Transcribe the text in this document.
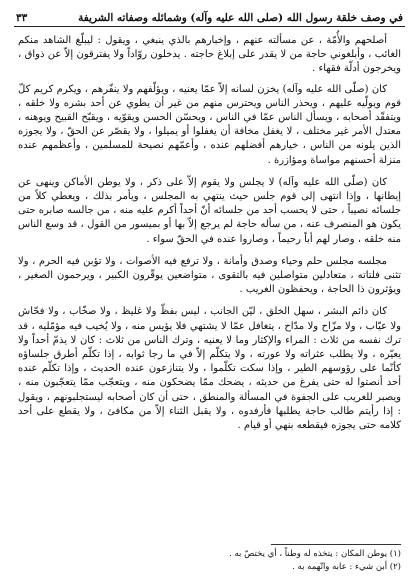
في وصف خلقة رسول الله (صلى الله عليه وآله) وشمائله وصفاته الشريفة
٣٣

أصلحهم والأُمّة ، عن مسألته عنهم ، وإخبارهم بالذي ينبغي ، ويقول : ليبلّغ الشاهد منكم الغائب ، وأبلغوني حاجة من لا يقدر على إبلاغ حاجته . يدخلون روّاداً ولا يفترقون إلاّ عن ذواق ، ويخرجون أدلّة فقهاء .

كان (صلّى الله عليه وآله) يخزن لسانه إلاّ عمّا يعنيه ، ويؤلّفهم ولا ينفّرهم ، ويكرم كريم كلّ قوم ويولّيه عليهم ، ويحذر الناس ويحترس منهم من غير أن يطوي عن أحد بشره ولا خلقه ، ويتفقّد أصحابه ، ويسأل الناس عمّا في الناس ، ويحسّن الحسن ويقوّيه ، ويقبّح القبيح ويوهنه ، معتدل الأمر غير مختلف ، لا يغفل مخافة أن يغفلوا أو يميلوا ، ولا يقصّر عن الحقّ ، ولا يجوزه الذين يلونه من الناس ، خيارهم أفضلهم عنده ، وأعمّهم نصيحة للمسلمين ، وأعظمهم عنده منزلة أحسنهم مواساة ومؤازرة .

كان (صلّى الله عليه وآله) لا يجلس ولا يقوم إلاّ على ذكر ، ولا يوطن الأماكن وينهى عن إيطانها ، وإذا انتهى إلى قوم جلس حيث ينتهي به المجلس ، ويأمر بذلك ، ويعطي كلاً من جلسائه نصيباً ، حتى لا يحسب أحد من جلسائه أنّ أحداً أكرم عليه منه ، من جالسه صابره حتى يكون هو المنصرف عنه ، من سأله حاجة لم يرجع إلاّ بها أو بميسور من القول ، قد وسع الناس منه خلقه ، وصار لهم أباً رحيماً ، وصاروا عنده في الحقّ سواء .

مجلسه مجلس حلم وحياء وصدق وأمانة ، ولا ترفع فيه الأصوات ، ولا تؤبن فيه الحرم ، ولا تثنى فلتاته ، متعادلين متواصلين فيه بالتقوى ، متواضعين يوقّرون الكبير ، ويرحمون الصغير ، ويؤثرون ذا الحاجة ، ويحفظون الغريب .

كان دائم البشر ، سهل الخلق ، ليّن الجانب ، ليس بفظّ ولا غليظ ، ولا صخّاب ، ولا فحّاش ولا عيّاب ، ولا مزّاح ولا مدّاح ، يتغافل عمّا لا يشتهي فلا يؤيس منه ، ولا يُخيب فيه مؤمّليه ، قد ترك نفسه من ثلاث : المراء والإكثار وما لا يعنيه ، وترك الناس من ثلاث : كان لا يذمّ أحداً ولا يعيّره ، ولا يطلب عثراته ولا عورته ، ولا يتكلّم إلاّ في ما رجا ثوابه ، إذا تكلّم أطرق جلساؤه كأنّما على رؤوسهم الطير ، وإذا سكت تكلّموا ، ولا يتنازعون عنده الحديث ، وإذا تكلّم عنده أحد أنصتوا له حتى يفرغ من حديثه ، يضحك ممّا يضحكون منه ، ويتعجّب ممّا يتعجّبون منه ، ويصبر للغريب على الجفوة في المسألة والمنطق ، حتى أن كان أصحابه ليستجلبونهم ، ويقول : إذا رأيتم طالب حاجة يطلبها فأرفدوه ، ولا يقبل الثناء إلاّ من مكافئ ، ولا يقطع على أحد كلامه حتى يجوزه فيقطعه بنهي أو قيام .

(١) يوطن المكان : يتخذه له وطناً ، أي يختصّ به .
(٢) أبن شيء : عابه واتّهمه به .
